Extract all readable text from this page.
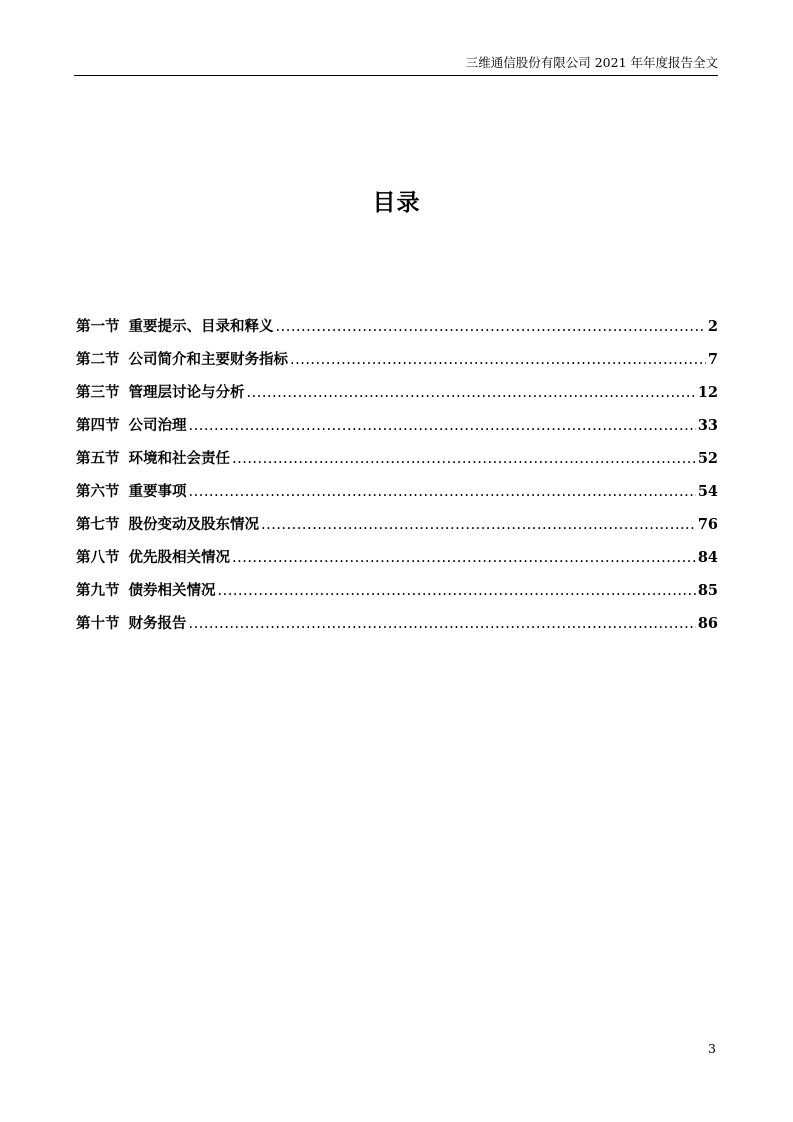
三维通信股份有限公司 2021 年年度报告全文
目录
第一节 重要提示、目录和释义 .....	2
第二节 公司简介和主要财务指标 .....	7
第三节 管理层讨论与分析 .....	12
第四节 公司治理 .....	33
第五节 环境和社会责任 .....	52
第六节 重要事项 .....	54
第七节 股份变动及股东情况 .....	76
第八节 优先股相关情况 .....	84
第九节 债券相关情况 .....	85
第十节 财务报告 .....	86
3
